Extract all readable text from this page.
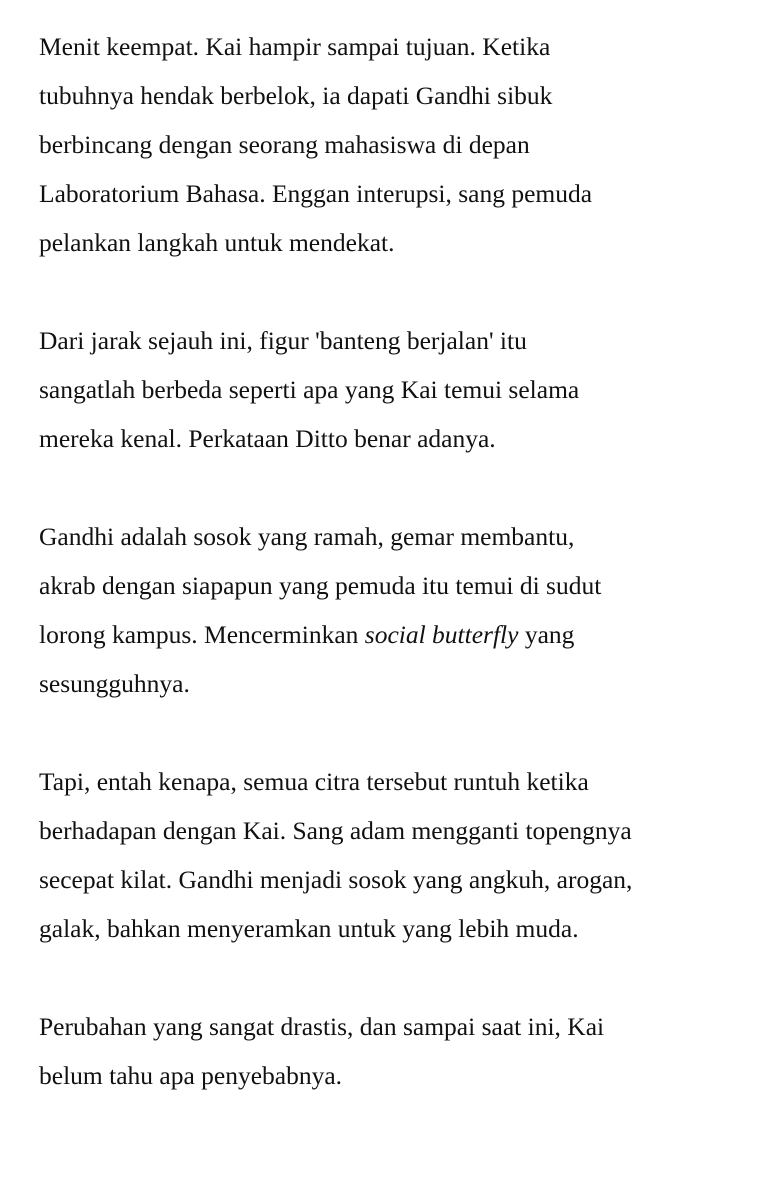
Menit keempat. Kai hampir sampai tujuan. Ketika
tubuhnya hendak berbelok, ia dapati Gandhi sibuk
berbincang dengan seorang mahasiswa di depan
Laboratorium Bahasa. Enggan interupsi, sang pemuda
pelankan langkah untuk mendekat.

Dari jarak sejauh ini, figur 'banteng berjalan' itu
sangatlah berbeda seperti apa yang Kai temui selama
mereka kenal. Perkataan Ditto benar adanya.

Gandhi adalah sosok yang ramah, gemar membantu,
akrab dengan siapapun yang pemuda itu temui di sudut
lorong kampus. Mencerminkan social butterfly yang
sesungguhnya.

Tapi, entah kenapa, semua citra tersebut runtuh ketika
berhadapan dengan Kai. Sang adam mengganti topengnya
secepat kilat. Gandhi menjadi sosok yang angkuh, arogan,
galak, bahkan menyeramkan untuk yang lebih muda.

Perubahan yang sangat drastis, dan sampai saat ini, Kai
belum tahu apa penyebabnya.
